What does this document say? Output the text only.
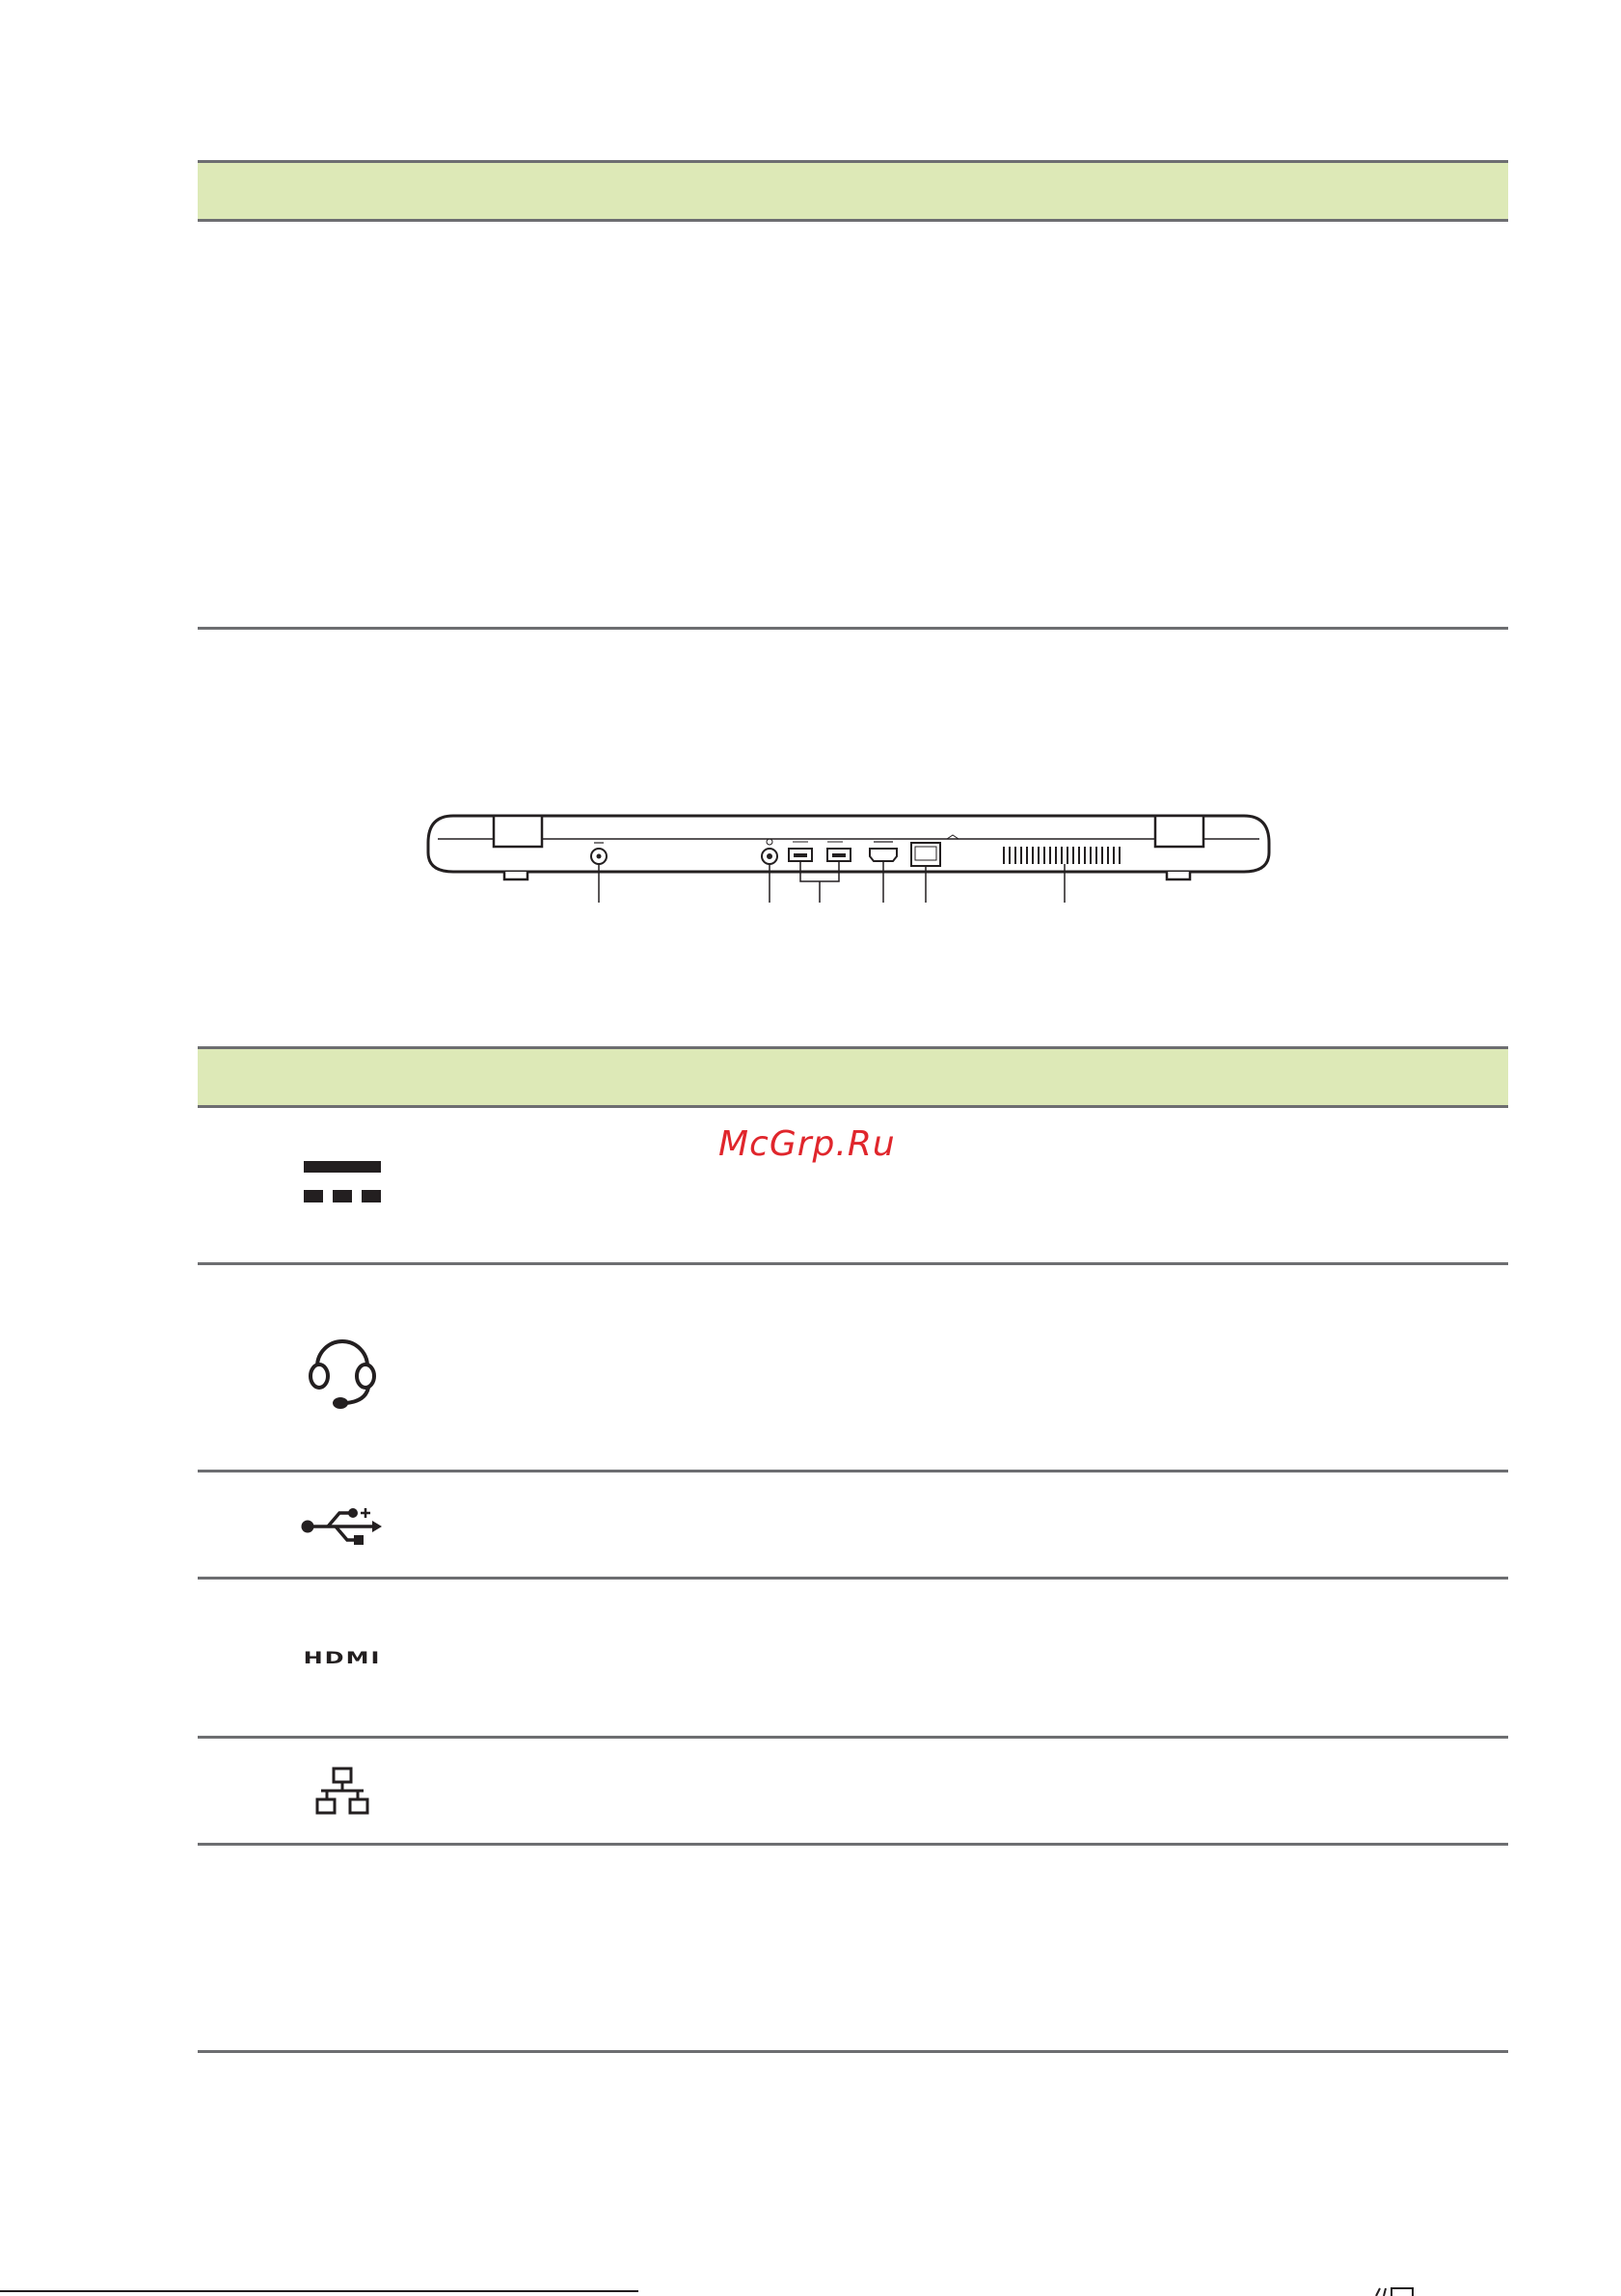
McGrp.Ru
HDMI
